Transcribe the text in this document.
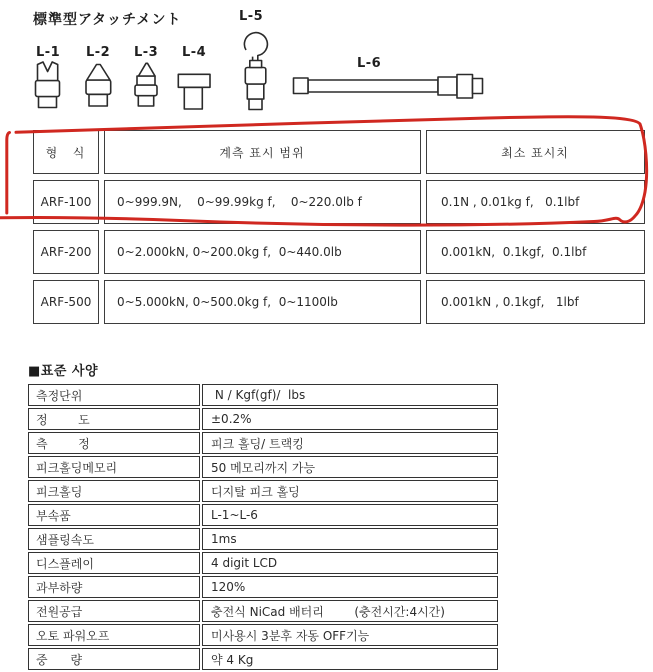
標準型アタッチメント
L-1 L-2 L-3 L-4
L-5
L-6
형   식	계측 표시 범위	최소 표시치
ARF-100	0~999.9N,    0~99.99kg f,    0~220.0lb f	0.1N , 0.01kg f,   0.1lbf
ARF-200	0~2.000kN, 0~200.0kg f,  0~440.0lb	0.001kN,  0.1kgf,  0.1lbf
ARF-500	0~5.000kN, 0~500.0kg f,  0~1100lb	0.001kN , 0.1kgf,   1lbf
■표준 사양
측정단위	N / Kgf(gf)/  lbs
정        도	±0.2%
측        정	피크 홀딩/ 트랙킹
피크홀딩메모리	50 메모리까지 가능
피크홀딩	디지탈 피크 홀딩
부속품	L-1~L-6
샘플링속도	1ms
디스플레이	4 digit LCD
과부하량	120%
전원공급	충전식 NiCad 배터리        (충전시간:4시간)
오토 파워오프	미사용시 3분후 자동 OFF기능
중      량	약 4 Kg
